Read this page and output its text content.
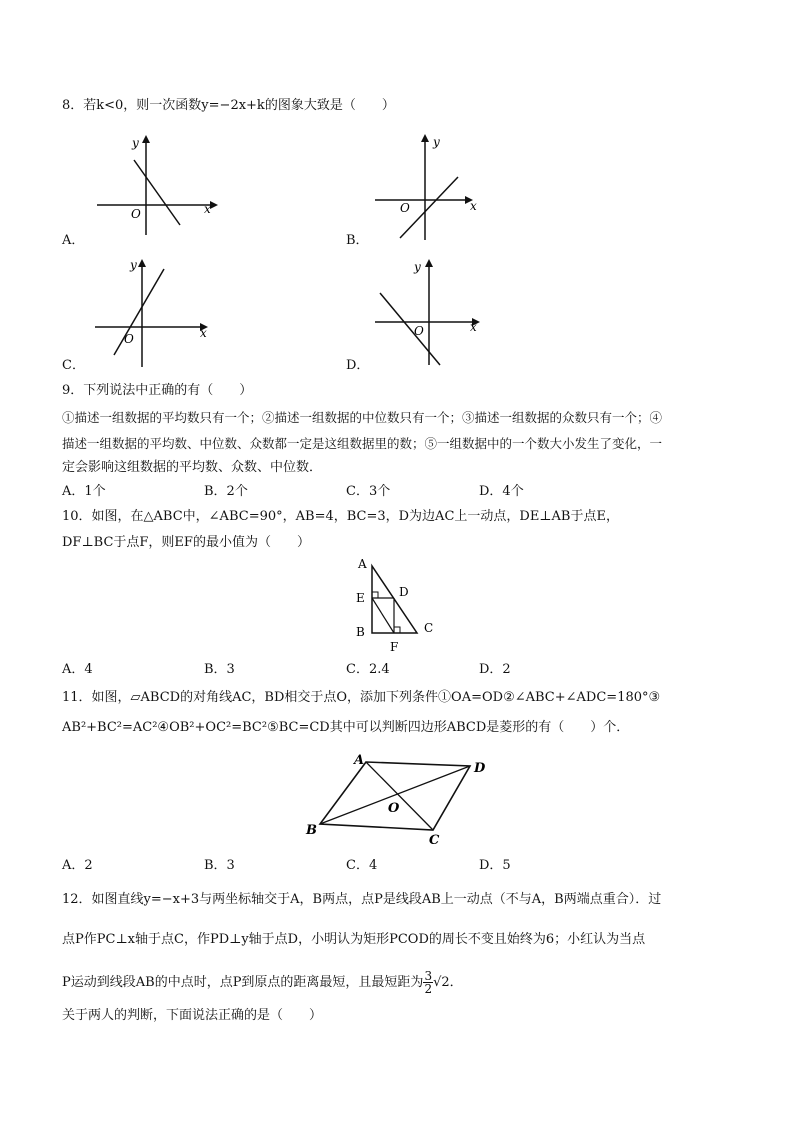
8．若k<0，则一次函数y=−2x+k的图象大致是（　　）
y
x
O
A．
y
x
O
B．
y
x
O
C．
y
x
O
D．
9．下列说法中正确的有（　　）
①描述一组数据的平均数只有一个；②描述一组数据的中位数只有一个；③描述一组数据的众数只有一个；④
描述一组数据的平均数、中位数、众数都一定是这组数据里的数；⑤一组数据中的一个数大小发生了变化，一
定会影响这组数据的平均数、众数、中位数．
A．1个	B．2个	C．3个	D．4个
10．如图，在△ABC中，∠ABC=90°，AB=4，BC=3，D为边AC上一动点，DE⊥AB于点E，
DF⊥BC于点F，则EF的最小值为（　　）
A
E	D
B	C
F
A．4	B．3	C．2.4	D．2
11．如图，▱ABCD的对角线AC，BD相交于点O，添加下列条件①OA=OD②∠ABC+∠ADC=180°③
AB²+BC²=AC²④OB²+OC²=BC²⑤BC=CD其中可以判断四边形ABCD是菱形的有（　　）个．
A
D
B
C
O
A．2	B．3	C．4	D．5
12．如图直线y=−x+3与两坐标轴交于A，B两点，点P是线段AB上一动点（不与A，B两端点重合）．过
点P作PC⊥x轴于点C，作PD⊥y轴于点D，小明认为矩形PCOD的周长不变且始终为6；小红认为当点
P运动到线段AB的中点时，点P到原点的距离最短，且最短距为 $\frac{3}{2} √2$．
关于两人的判断，下面说法正确的是（　　）
